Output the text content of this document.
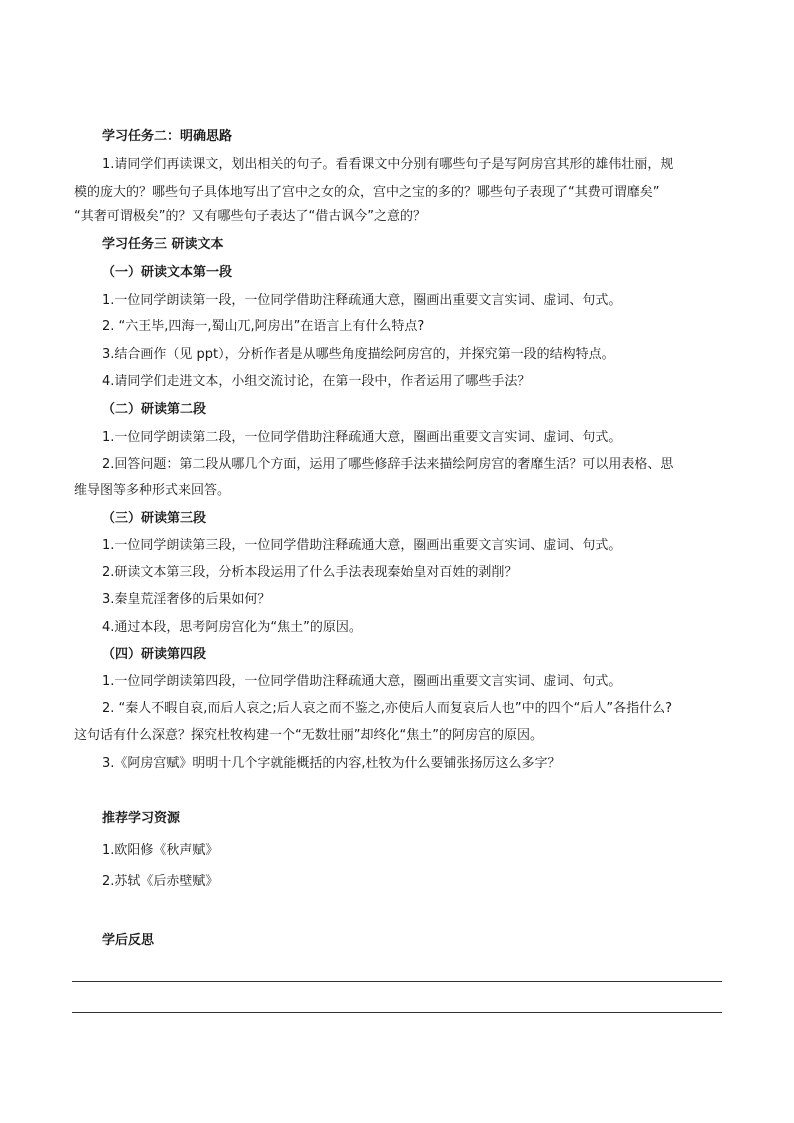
学习任务二：明确思路
1.请同学们再读课文，划出相关的句子。看看课文中分别有哪些句子是写阿房宫其形的雄伟壮丽，规
模的庞大的？哪些句子具体地写出了宫中之女的众，宫中之宝的多的？哪些句子表现了“其费可谓靡矣”
“其奢可谓极矣”的？又有哪些句子表达了“借古讽今”之意的？
学习任务三 研读文本
（一）研读文本第一段
1.一位同学朗读第一段，一位同学借助注释疏通大意，圈画出重要文言实词、虚词、句式。
2. “六王毕,四海一,蜀山兀,阿房出”在语言上有什么特点?
3.结合画作（见 ppt），分析作者是从哪些角度描绘阿房宫的，并探究第一段的结构特点。
4.请同学们走进文本，小组交流讨论，在第一段中，作者运用了哪些手法？
（二）研读第二段
1.一位同学朗读第二段，一位同学借助注释疏通大意，圈画出重要文言实词、虚词、句式。
2.回答问题：第二段从哪几个方面，运用了哪些修辞手法来描绘阿房宫的奢靡生活？可以用表格、思
维导图等多种形式来回答。
（三）研读第三段
1.一位同学朗读第三段，一位同学借助注释疏通大意，圈画出重要文言实词、虚词、句式。
2.研读文本第三段，分析本段运用了什么手法表现秦始皇对百姓的剥削？
3.秦皇荒淫奢侈的后果如何？
4.通过本段，思考阿房宫化为“焦土”的原因。
（四）研读第四段
1.一位同学朗读第四段，一位同学借助注释疏通大意，圈画出重要文言实词、虚词、句式。
2. “秦人不暇自哀,而后人哀之;后人哀之而不鉴之,亦使后人而复哀后人也”中的四个“后人”各指什么?
这句话有什么深意？探究杜牧构建一个“无数壮丽”却终化“焦土”的阿房宫的原因。
3.《阿房宫赋》明明十几个字就能概括的内容,杜牧为什么要铺张扬厉这么多字？
推荐学习资源
1.欧阳修《秋声赋》
2.苏轼《后赤壁赋》
学后反思
